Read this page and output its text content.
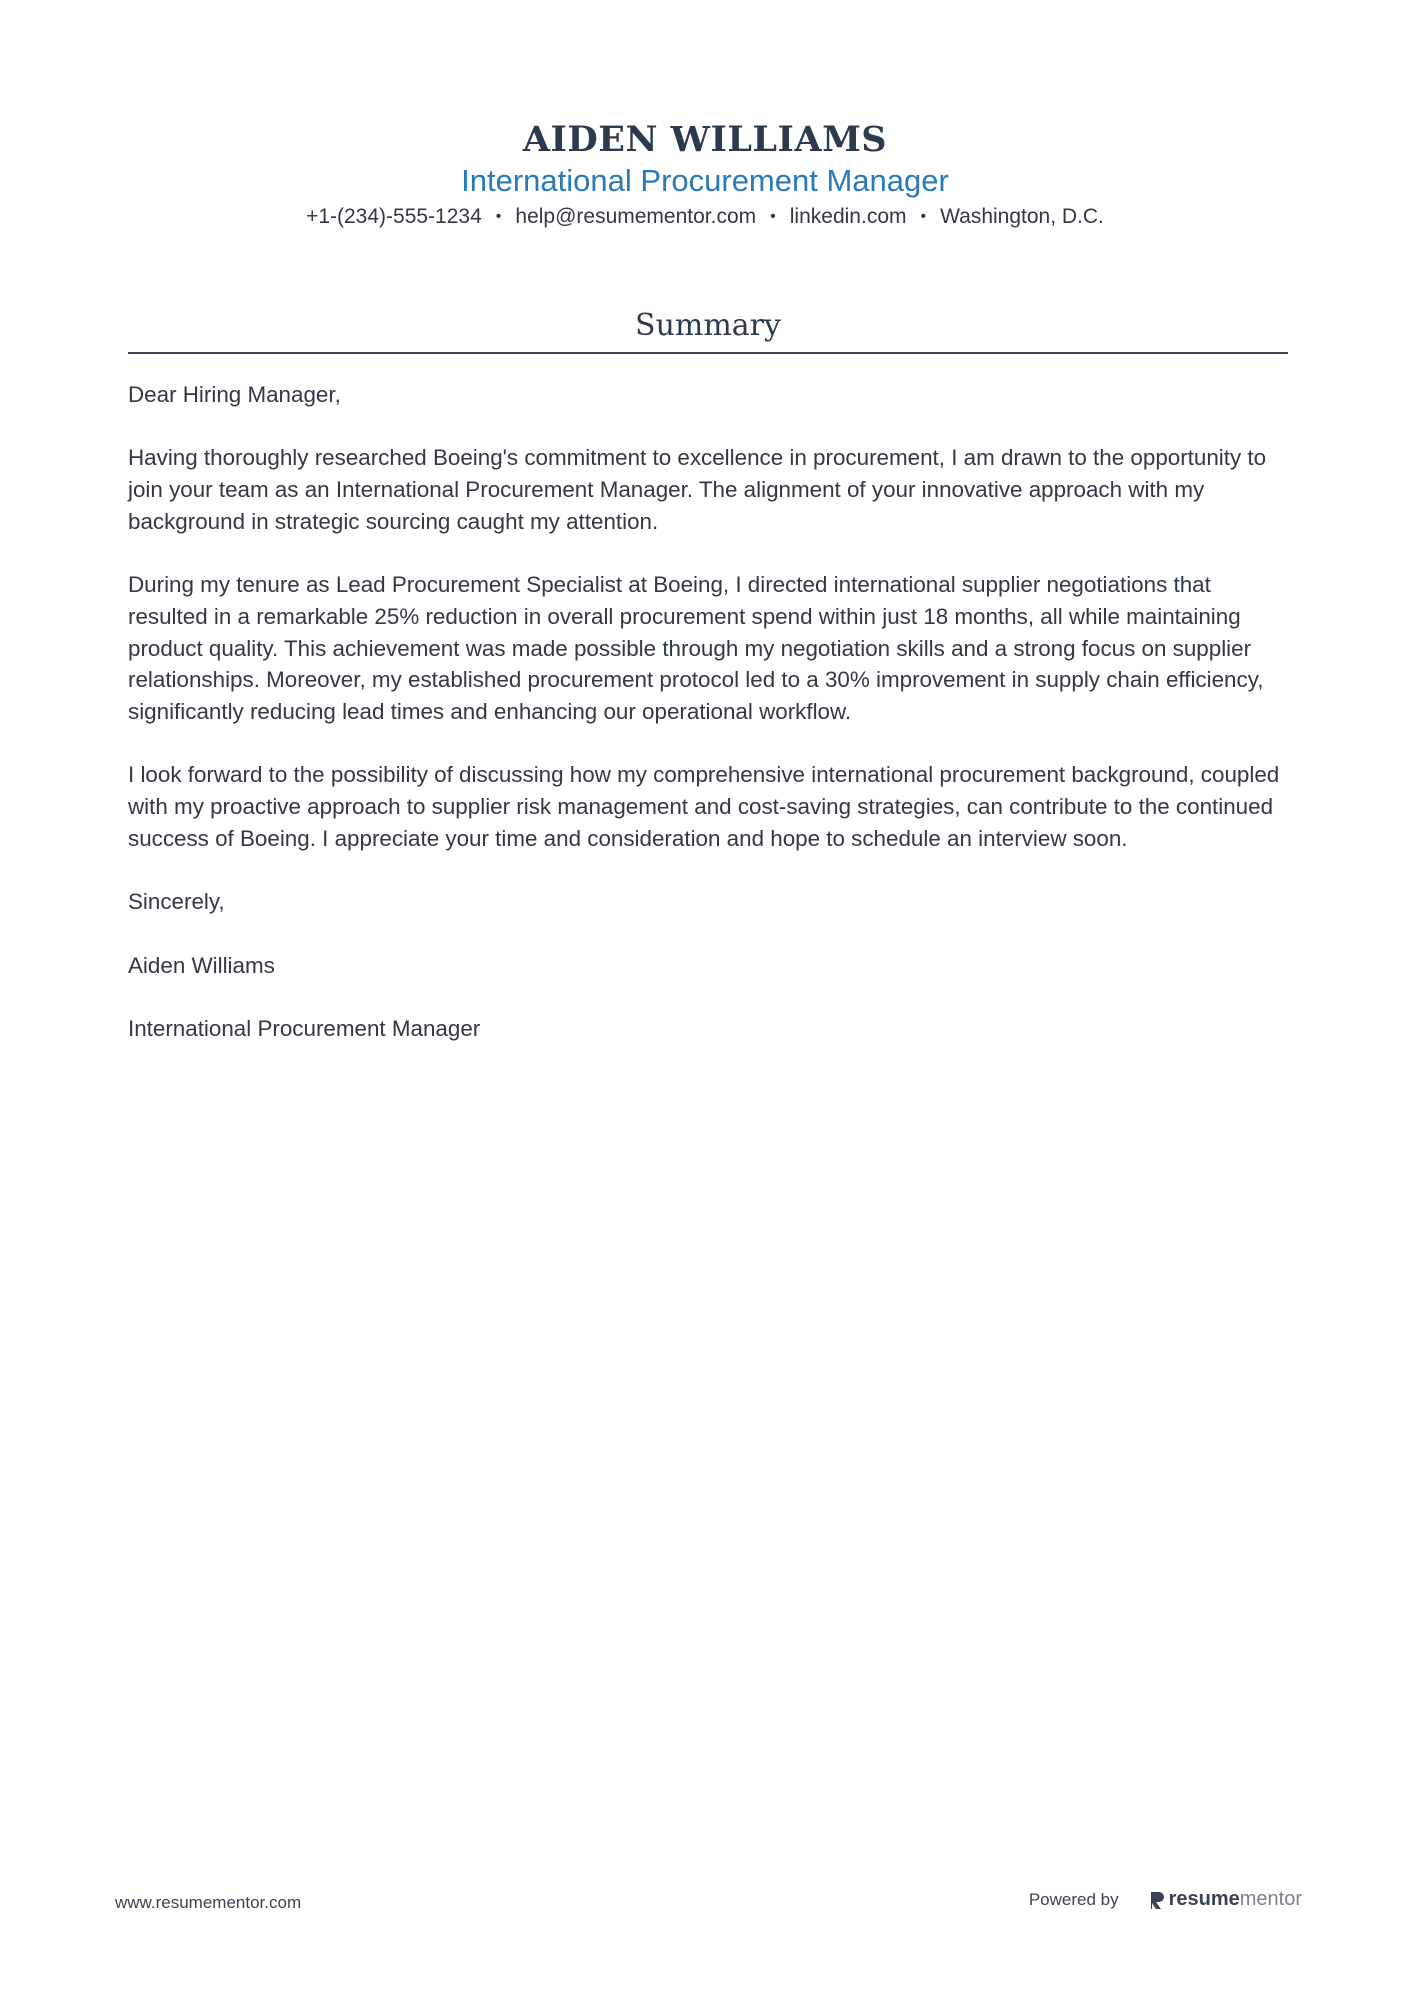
AIDEN WILLIAMS
International Procurement Manager
+1-(234)-555-1234 • help@resumementor.com • linkedin.com • Washington, D.C.
Summary

Dear Hiring Manager,

Having thoroughly researched Boeing's commitment to excellence in procurement, I am drawn to the opportunity to join your team as an International Procurement Manager. The alignment of your innovative approach with my background in strategic sourcing caught my attention.

During my tenure as Lead Procurement Specialist at Boeing, I directed international supplier negotiations that resulted in a remarkable 25% reduction in overall procurement spend within just 18 months, all while maintaining product quality. This achievement was made possible through my negotiation skills and a strong focus on supplier relationships. Moreover, my established procurement protocol led to a 30% improvement in supply chain efficiency, significantly reducing lead times and enhancing our operational workflow.

I look forward to the possibility of discussing how my comprehensive international procurement background, coupled with my proactive approach to supplier risk management and cost-saving strategies, can contribute to the continued success of Boeing. I appreciate your time and consideration and hope to schedule an interview soon.

Sincerely,

Aiden Williams

International Procurement Manager

www.resumementor.com	Powered by	resume mentor
